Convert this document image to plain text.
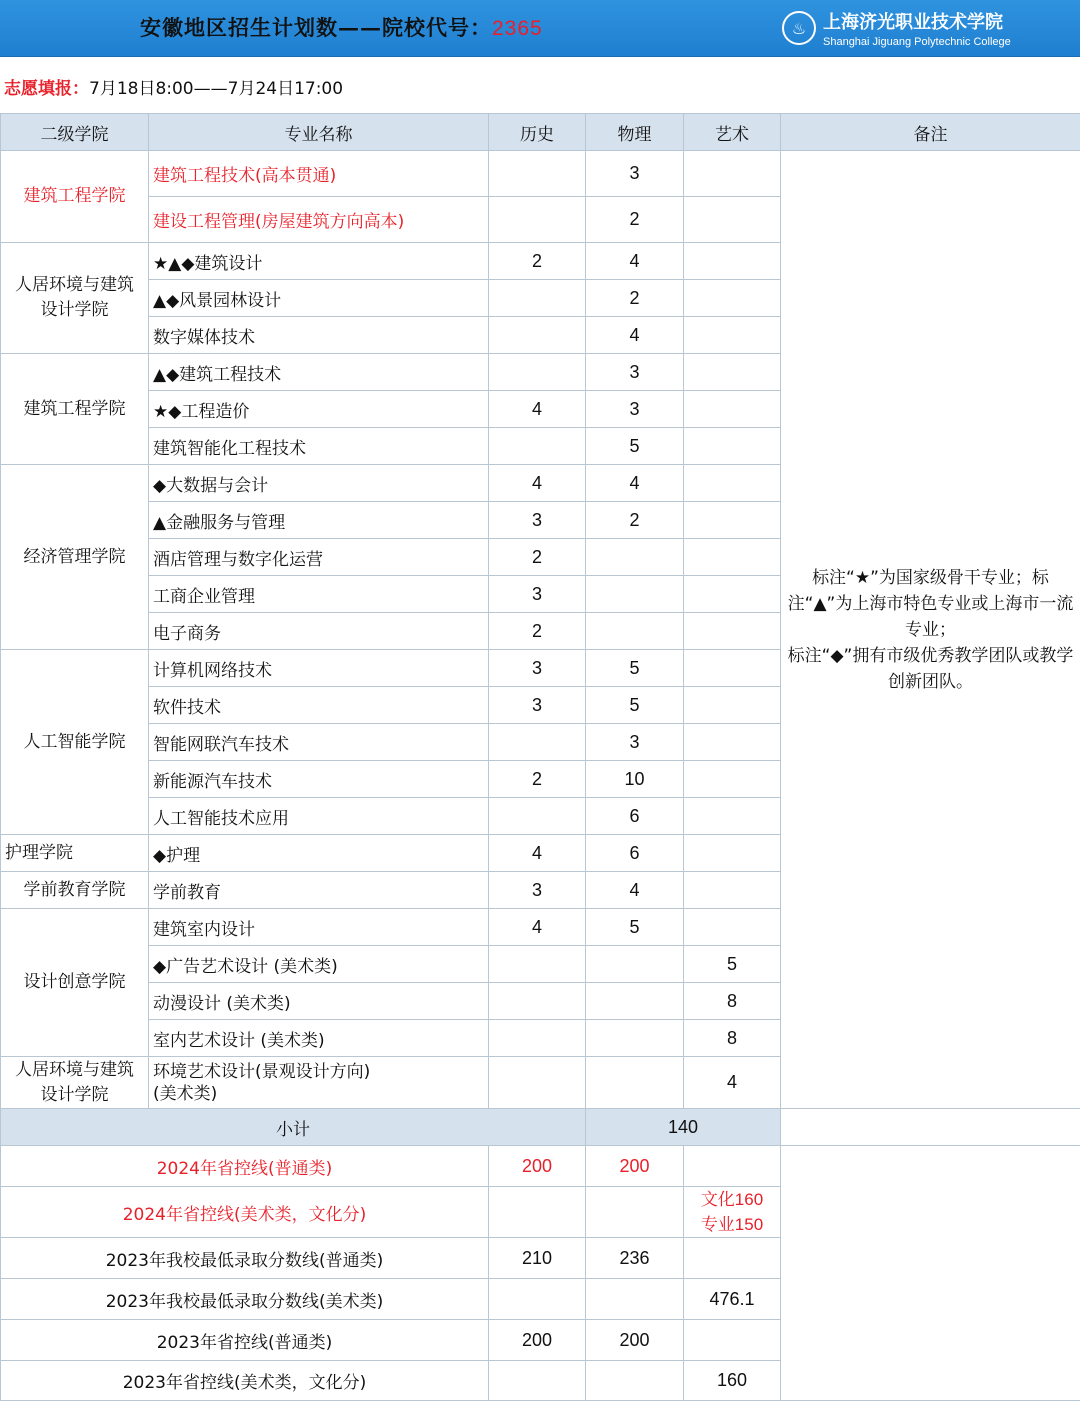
安徽地区招生计划数——院校代号：2365	♨ 上海济光职业技术学院
Shanghai Jiguang Polytechnic College
志愿填报：7月18日8:00——7月24日17:00
二级学院	专业名称	历史	物理	艺术	备注
建筑工程学院	建筑工程技术(高本贯通)		3		标注“★”为国家级骨干专业；标注“▲”为上海市特色专业或上海市一流专业；
标注“◆”拥有市级优秀教学团队或教学创新团队。

	建设工程管理(房屋建筑方向高本)		2		
人居环境与建筑设计学院	★▲◆建筑设计	2	4		
	▲◆风景园林设计		2		
	数字媒体技术		4		
建筑工程学院	▲◆建筑工程技术		3		
	★◆工程造价	4	3		
	建筑智能化工程技术		5		
经济管理学院	◆大数据与会计	4	4		
	▲金融服务与管理	3	2		
	酒店管理与数字化运营	2			
	工商企业管理	3			
	电子商务	2			
人工智能学院	计算机网络技术	3	5		
	软件技术	3	5		
	智能网联汽车技术		3		
	新能源汽车技术	2	10		
	人工智能技术应用		6		
护理学院	◆护理	4	6		
学前教育学院	学前教育	3	4		
设计创意学院	建筑室内设计	4	5		
	◆广告艺术设计 (美术类)			5	
	动漫设计 (美术类)			8	
	室内艺术设计 (美术类)			8	
人居环境与建筑设计学院	环境艺术设计(景观设计方向)
(美术类)			4	
小计			140		
2024年省控线(普通类)		200	200		
2024年省控线(美术类，文化分)				文化160
专业150	

2023年我校最低录取分数线(普通类)		210	236		
2023年我校最低录取分数线(美术类)				476.1	
2023年省控线(普通类)		200	200		
2023年省控线(美术类，文化分)				160	
